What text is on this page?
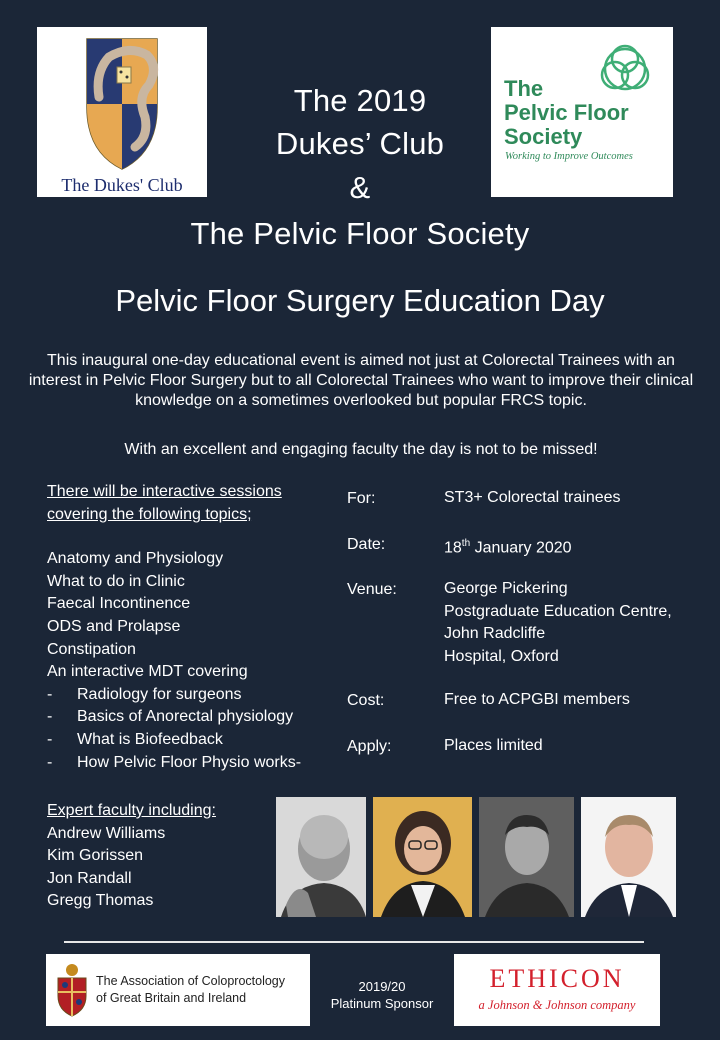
The Dukes' Club
The
Pelvic Floor
Society
Working to Improve Outcomes
The 2019
Dukes’ Club
&
The Pelvic Floor Society
Pelvic Floor Surgery Education Day
This inaugural one-day educational event is aimed not just at Colorectal Trainees with an interest in Pelvic Floor Surgery but to all Colorectal Trainees who want to improve their clinical knowledge on a sometimes overlooked but popular FRCS topic.
With an excellent and engaging faculty the day is not to be missed!
There will be interactive sessions
covering the following topics;
Anatomy and Physiology
What to do in Clinic
Faecal Incontinence
ODS and Prolapse
Constipation
An interactive MDT covering
-	Radiology for surgeons
-	Basics of Anorectal physiology
-	What is Biofeedback
-	How Pelvic Floor Physio works-
For:	ST3+ Colorectal trainees
Date:	18th January 2020
Venue:	George Pickering
Postgraduate Education Centre,
John Radcliffe
Hospital, Oxford
Cost:	Free to ACPGBI members
Apply:	Places limited
Expert faculty including:
Andrew Williams
Kim Gorissen
Jon Randall
Gregg Thomas
The Association of Coloproctology
of Great Britain and Ireland
2019/20
Platinum Sponsor
ETHICON
a Johnson & Johnson company
